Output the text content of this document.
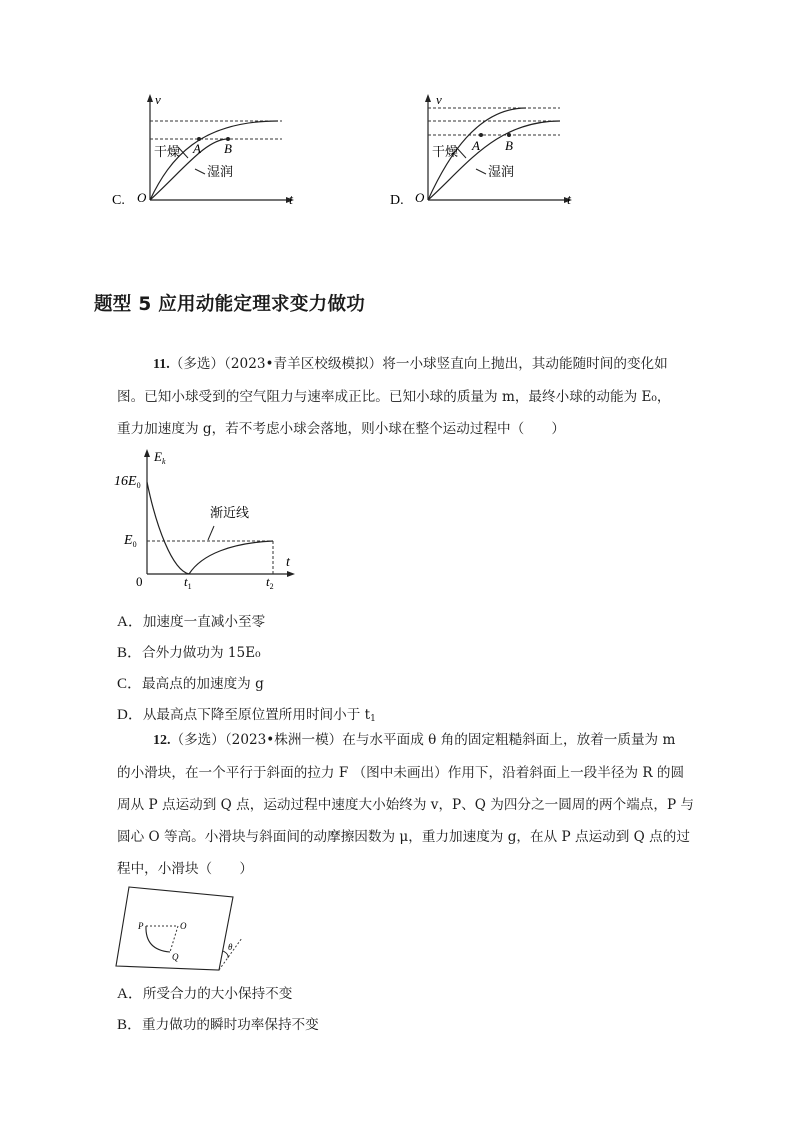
C.
v
t
O
A B
干燥
湿润
D.
v
t
O
A B
干燥
湿润
题型 5 应用动能定理求变力做功
11.（多选）（2023•青羊区校级模拟）将一小球竖直向上抛出，其动能随时间的变化如
图。已知小球受到的空气阻力与速率成正比。已知小球的质量为 m，最终小球的动能为 E₀，
重力加速度为 g，若不考虑小球会落地，则小球在整个运动过程中（　　）
$E_k$
$16E_0$
$E_0$
0	$t_1$	$t_2$
t
渐近线
A．加速度一直减小至零
B．合外力做功为 15E₀
C．最高点的加速度为 g
D．从最高点下降至原位置所用时间小于 $t_1$
12.（多选）（2023•株洲一模）在与水平面成 θ 角的固定粗糙斜面上，放着一质量为 m
的小滑块，在一个平行于斜面的拉力 F （图中未画出）作用下，沿着斜面上一段半径为 R 的圆
周从 P 点运动到 Q 点，运动过程中速度大小始终为 v，P、Q 为四分之一圆周的两个端点，P 与
圆心 O 等高。小滑块与斜面间的动摩擦因数为 μ，重力加速度为 g，在从 P 点运动到 Q 点的过
程中，小滑块（　　）
P	O
Q
θ
A．所受合力的大小保持不变
B．重力做功的瞬时功率保持不变
